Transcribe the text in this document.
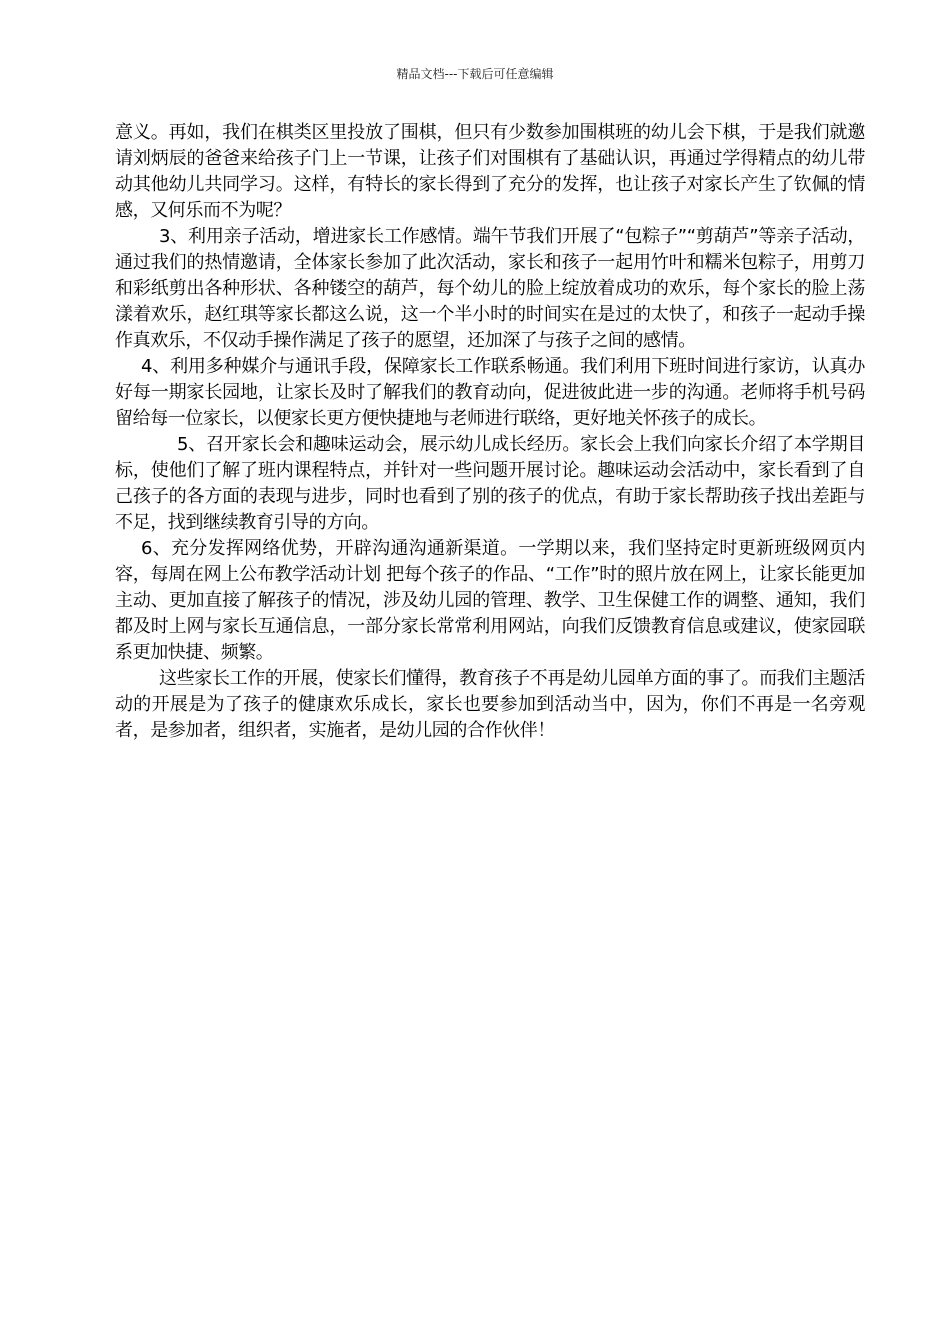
精品文档---下载后可任意编辑

意义。再如，我们在棋类区里投放了围棋，但只有少数参加围棋班的幼儿会下棋，于是我们就邀请刘炳辰的爸爸来给孩子门上一节课，让孩子们对围棋有了基础认识，再通过学得精点的幼儿带动其他幼儿共同学习。这样，有特长的家长得到了充分的发挥，也让孩子对家长产生了钦佩的情感，又何乐而不为呢？

3、利用亲子活动，增进家长工作感情。端午节我们开展了“包粽子”“剪葫芦”等亲子活动，通过我们的热情邀请，全体家长参加了此次活动，家长和孩子一起用竹叶和糯米包粽子，用剪刀和彩纸剪出各种形状、各种镂空的葫芦，每个幼儿的脸上绽放着成功的欢乐，每个家长的脸上荡漾着欢乐，赵红琪等家长都这么说，这一个半小时的时间实在是过的太快了，和孩子一起动手操作真欢乐，不仅动手操作满足了孩子的愿望，还加深了与孩子之间的感情。

4、利用多种媒介与通讯手段，保障家长工作联系畅通。我们利用下班时间进行家访，认真办好每一期家长园地，让家长及时了解我们的教育动向，促进彼此进一步的沟通。老师将手机号码留给每一位家长，以便家长更方便快捷地与老师进行联络，更好地关怀孩子的成长。

5、召开家长会和趣味运动会，展示幼儿成长经历。家长会上我们向家长介绍了本学期目标，使他们了解了班内课程特点，并针对一些问题开展讨论。趣味运动会活动中，家长看到了自己孩子的各方面的表现与进步，同时也看到了别的孩子的优点，有助于家长帮助孩子找出差距与不足，找到继续教育引导的方向。

6、充分发挥网络优势，开辟沟通沟通新渠道。一学期以来，我们坚持定时更新班级网页内容，每周在网上公布教学活动计划 把每个孩子的作品、“工作”时的照片放在网上，让家长能更加主动、更加直接了解孩子的情况，涉及幼儿园的管理、教学、卫生保健工作的调整、通知，我们都及时上网与家长互通信息，一部分家长常常利用网站，向我们反馈教育信息或建议，使家园联系更加快捷、频繁。

这些家长工作的开展，使家长们懂得，教育孩子不再是幼儿园单方面的事了。而我们主题活动的开展是为了孩子的健康欢乐成长，家长也要参加到活动当中，因为，你们不再是一名旁观者，是参加者，组织者，实施者，是幼儿园的合作伙伴！
